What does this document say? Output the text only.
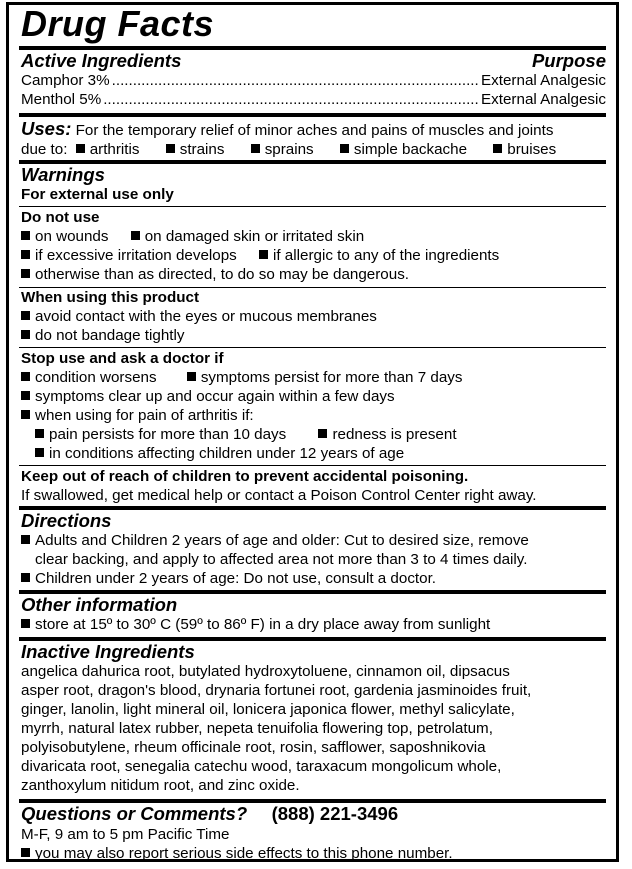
Drug Facts
Active Ingredients	Purpose
Camphor 3% .....	External Analgesic
Menthol 5% .....	External Analgesic
Uses: For the temporary relief of minor aches and pains of muscles and joints
due to: arthritis	strains	sprains	simple backache	bruises
Warnings
For external use only
Do not use
on wounds on damaged skin or irritated skin
if excessive irritation develops if allergic to any of the ingredients
otherwise than as directed, to do so may be dangerous.
When using this product
avoid contact with the eyes or mucous membranes
do not bandage tightly
Stop use and ask a doctor if
condition worsens	symptoms persist for more than 7 days
symptoms clear up and occur again within a few days
when using for pain of arthritis if:
pain persists for more than 10 days	redness is present
in conditions affecting children under 12 years of age
Keep out of reach of children to prevent accidental poisoning.
If swallowed, get medical help or contact a Poison Control Center right away.
Directions
Adults and Children 2 years of age and older: Cut to desired size, remove
clear backing, and apply to affected area not more than 3 to 4 times daily.
Children under 2 years of age: Do not use, consult a doctor.
Other information
store at 15º to 30º C (59º to 86º F) in a dry place away from sunlight
Inactive Ingredients
angelica dahurica root, butylated hydroxytoluene, cinnamon oil, dipsacus
asper root, dragon's blood, drynaria fortunei root, gardenia jasminoides fruit,
ginger, lanolin, light mineral oil, lonicera japonica flower, methyl salicylate,
myrrh, natural latex rubber, nepeta tenuifolia flowering top, petrolatum,
polyisobutylene, rheum officinale root, rosin, safflower, saposhnikovia
divaricata root, senegalia catechu wood, taraxacum mongolicum whole,
zanthoxylum nitidum root, and zinc oxide.
Questions or Comments? (888) 221-3496
M-F, 9 am to 5 pm Pacific Time
you may also report serious side effects to this phone number.
